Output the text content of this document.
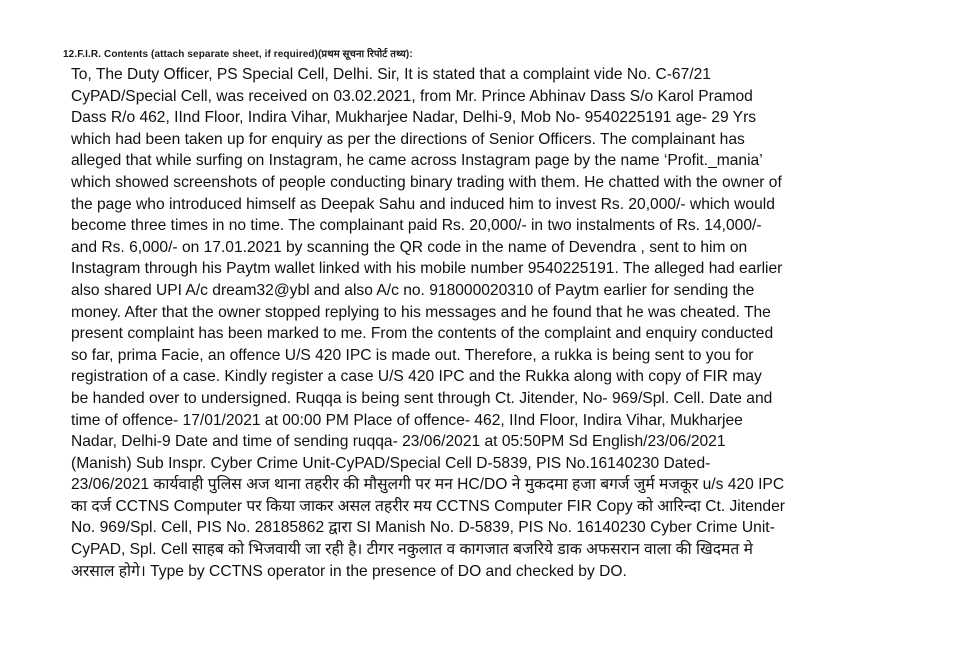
12.F.I.R. Contents (attach separate sheet, if required)(प्रथम सूचना रिपोर्ट तथ्य):
To, The Duty Officer, PS Special Cell, Delhi. Sir, It is stated that a complaint vide No. C-67/21
CyPAD/Special Cell, was received on 03.02.2021, from Mr. Prince Abhinav Dass S/o Karol Pramod
Dass R/o 462, IInd Floor, Indira Vihar, Mukharjee Nadar, Delhi-9, Mob No- 9540225191 age- 29 Yrs
which had been taken up for enquiry as per the directions of Senior Officers. The complainant has
alleged that while surfing on Instagram, he came across Instagram page by the name ‘Profit._mania’
which showed screenshots of people conducting binary trading with them. He chatted with the owner of
the page who introduced himself as Deepak Sahu and induced him to invest Rs. 20,000/- which would
become three times in no time. The complainant paid Rs. 20,000/- in two instalments of Rs. 14,000/-
and Rs. 6,000/- on 17.01.2021 by scanning the QR code in the name of Devendra , sent to him on
Instagram through his Paytm wallet linked with his mobile number 9540225191. The alleged had earlier
also shared UPI A/c dream32@ybl and also A/c no. 918000020310 of Paytm earlier for sending the
money. After that the owner stopped replying to his messages and he found that he was cheated. The
present complaint has been marked to me. From the contents of the complaint and enquiry conducted
so far, prima Facie, an offence U/S 420 IPC is made out. Therefore, a rukka is being sent to you for
registration of a case. Kindly register a case U/S 420 IPC and the Rukka along with copy of FIR may
be handed over to undersigned. Ruqqa is being sent through Ct. Jitender, No- 969/Spl. Cell. Date and
time of offence- 17/01/2021 at 00:00 PM Place of offence- 462, IInd Floor, Indira Vihar, Mukharjee
Nadar, Delhi-9 Date and time of sending ruqqa- 23/06/2021 at 05:50PM Sd English/23/06/2021
(Manish) Sub Inspr. Cyber Crime Unit-CyPAD/Special Cell D-5839, PIS No.16140230 Dated-
23/06/2021 कार्यवाही पुलिस अज थाना तहरीर की मौसुलगी पर मन HC/DO ने मुकदमा हजा बगर्ज जुर्म मजकूर u/s 420 IPC
का दर्ज CCTNS Computer पर किया जाकर असल तहरीर मय CCTNS Computer FIR Copy को आरिन्दा Ct. Jitender
No. 969/Spl. Cell, PIS No. 28185862 द्वारा SI Manish No. D-5839, PIS No. 16140230 Cyber Crime Unit-
CyPAD, Spl. Cell साहब को भिजवायी जा रही है। टीगर नकुलात व कागजात बजरिये डाक अफसरान वाला की खिदमत मे
अरसाल होगे। Type by CCTNS operator in the presence of DO and checked by DO.
